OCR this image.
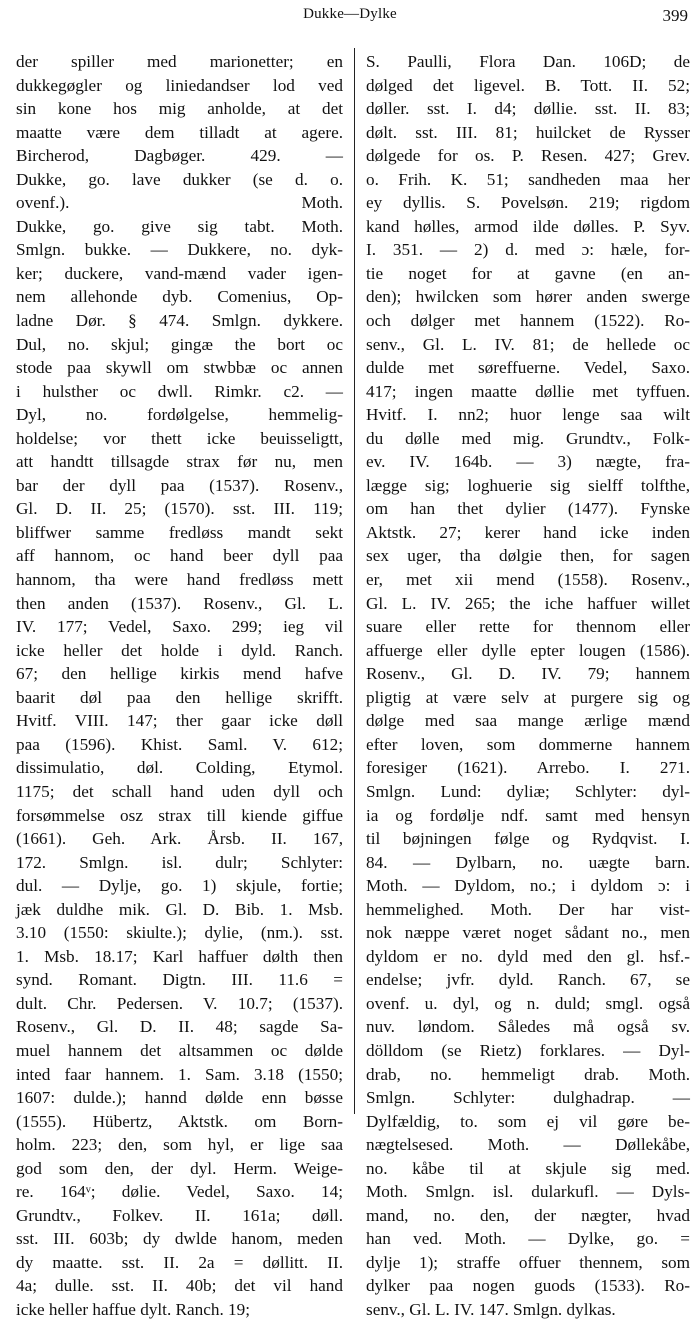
Dukke—Dylke	399
der spiller med marionetter; en
dukkegøgler og liniedandser lod ved
sin kone hos mig anholde, at det
maatte være dem tilladt at agere.
Bircherod, Dagbøger. 429. —
Dukke, go. lave dukker (se d. o.
ovenf.). Moth.
Dukke, go. give sig tabt. Moth.
Smlgn. bukke. — Dukkere, no. dyk-
ker; duckere, vand-mænd vader igen-
nem allehonde dyb. Comenius, Op-
ladne Dør. § 474. Smlgn. dykkere.
Dul, no. skjul; gingæ the bort oc
stode paa skywll om stwbbæ oc annen
i hulsther oc dwll. Rimkr. c2. —
Dyl, no. fordølgelse, hemmelig-
holdelse; vor thett icke beuisseligtt,
att handtt tillsagde strax før nu, men
bar der dyll paa (1537). Rosenv.,
Gl. D. II. 25; (1570). sst. III. 119;
bliffwer samme fredløss mandt sekt
aff hannom, oc hand beer dyll paa
hannom, tha were hand fredløss mett
then anden (1537). Rosenv., Gl. L.
IV. 177; Vedel, Saxo. 299; ieg vil
icke heller det holde i dyld. Ranch.
67; den hellige kirkis mend hafve
baarit døl paa den hellige skrifft.
Hvitf. VIII. 147; ther gaar icke døll
paa (1596). Khist. Saml. V. 612;
dissimulatio, døl. Colding, Etymol.
1175; det schall hand uden dyll och
forsømmelse osz strax till kiende giffue
(1661). Geh. Ark. Årsb. II. 167,
172. Smlgn. isl. dulr; Schlyter:
dul. — Dylje, go. 1) skjule, fortie;
jæk duldhe mik. Gl. D. Bib. 1. Msb.
3.10 (1550: skiulte.); dylie, (nm.). sst.
1. Msb. 18.17; Karl haffuer dølth then
synd. Romant. Digtn. III. 11.6 =
dult. Chr. Pedersen. V. 10.7; (1537).
Rosenv., Gl. D. II. 48; sagde Sa-
muel hannem det altsammen oc dølde
inted faar hannem. 1. Sam. 3.18 (1550;
1607: dulde.); hannd dølde enn bøsse
(1555). Hübertz, Aktstk. om Born-
holm. 223; den, som hyl, er lige saa
god som den, der dyl. Herm. Weige-
re. 164ᵛ; dølie. Vedel, Saxo. 14;
Grundtv., Folkev. II. 161a; døll.
sst. III. 603b; dy dwlde hanom, meden
dy maatte. sst. II. 2a = døllitt. II.
4a; dulle. sst. II. 40b; det vil hand
icke heller haffue dylt. Ranch. 19;
S. Paulli, Flora Dan. 106D; de
dølged det ligevel. B. Tott. II. 52;
døller. sst. I. d4; døllie. sst. II. 83;
dølt. sst. III. 81; huilcket de Rysser
dølgede for os. P. Resen. 427; Grev.
o. Frih. K. 51; sandheden maa her
ey dyllis. S. Povelsøn. 219; rigdom
kand hølles, armod ilde dølles. P. Syv.
I. 351. — 2) d. med ɔ: hæle, for-
tie noget for at gavne (en an-
den); hwilcken som hører anden swerge
och dølger met hannem (1522). Ro-
senv., Gl. L. IV. 81; de hellede oc
dulde met søreffuerne. Vedel, Saxo.
417; ingen maatte døllie met tyffuen.
Hvitf. I. nn2; huor lenge saa wilt
du dølle med mig. Grundtv., Folk-
ev. IV. 164b. — 3) nægte, fra-
lægge sig; loghuerie sig sielff tolfthe,
om han thet dylier (1477). Fynske
Aktstk. 27; kerer hand icke inden
sex uger, tha dølgie then, for sagen
er, met xii mend (1558). Rosenv.,
Gl. L. IV. 265; the iche haffuer willet
suare eller rette for thennom eller
affuerge eller dylle epter lougen (1586).
Rosenv., Gl. D. IV. 79; hannem
pligtig at være selv at purgere sig og
dølge med saa mange ærlige mænd
efter loven, som dommerne hannem
foresiger (1621). Arrebo. I. 271.
Smlgn. Lund: dyliæ; Schlyter: dyl-
ia og fordølje ndf. samt med hensyn
til bøjningen følge og Rydqvist. I.
84. — Dylbarn, no. uægte barn.
Moth. — Dyldom, no.; i dyldom ɔ: i
hemmelighed. Moth. Der har vist-
nok næppe været noget sådant no., men
dyldom er no. dyld med den gl. hsf.-
endelse; jvfr. dyld. Ranch. 67, se
ovenf. u. dyl, og n. duld; smgl. også
nuv. løndom. Således må også sv.
dölldom (se Rietz) forklares. — Dyl-
drab, no. hemmeligt drab. Moth.
Smlgn. Schlyter: dulghadrap. —
Dylfældig, to. som ej vil gøre be-
nægtelsesed. Moth. — Døllekåbe,
no. kåbe til at skjule sig med.
Moth. Smlgn. isl. dularkufl. — Dyls-
mand, no. den, der nægter, hvad
han ved. Moth. — Dylke, go. =
dylje 1); straffe offuer thennem, som
dylker paa nogen guods (1533). Ro-
senv., Gl. L. IV. 147. Smlgn. dylkas.
